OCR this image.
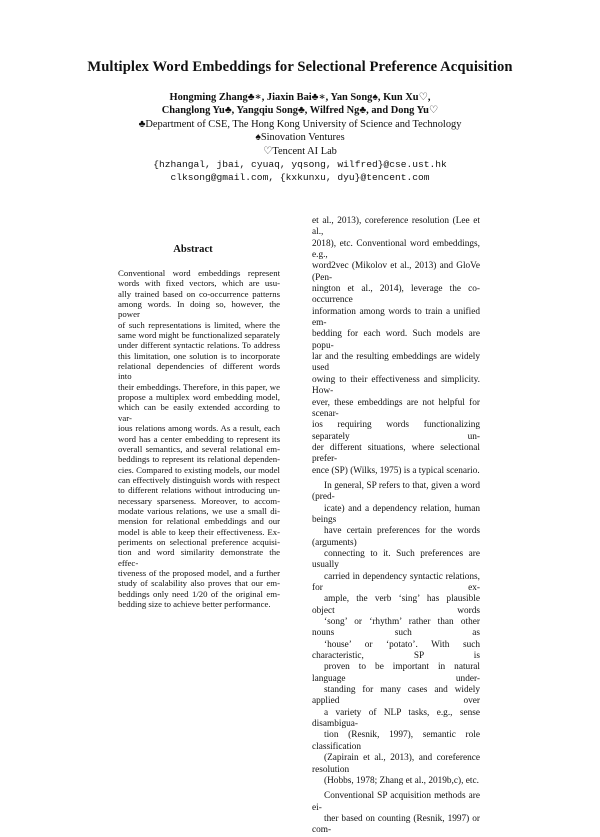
Multiplex Word Embeddings for Selectional Preference Acquisition
Hongming Zhang♣∗, Jiaxin Bai♣∗, Yan Song♠, Kun Xu♡,
Changlong Yu♣, Yangqiu Song♣, Wilfred Ng♣, and Dong Yu♡
♣Department of CSE, The Hong Kong University of Science and Technology
♠Sinovation Ventures
♡Tencent AI Lab
{hzhangal, jbai, cyuaq, yqsong, wilfred}@cse.ust.hk
clksong@gmail.com, {kxkunxu, dyu}@tencent.com
Abstract
Conventional word embeddings represent
words with fixed vectors, which are usu-
ally trained based on co-occurrence patterns
among words. In doing so, however, the power
of such representations is limited, where the
same word might be functionalized separately
under different syntactic relations. To address
this limitation, one solution is to incorporate
relational dependencies of different words into
their embeddings. Therefore, in this paper, we
propose a multiplex word embedding model,
which can be easily extended according to var-
ious relations among words. As a result, each
word has a center embedding to represent its
overall semantics, and several relational em-
beddings to represent its relational dependen-
cies. Compared to existing models, our model
can effectively distinguish words with respect
to different relations without introducing un-
necessary sparseness. Moreover, to accom-
modate various relations, we use a small di-
mension for relational embeddings and our
model is able to keep their effectiveness. Ex-
periments on selectional preference acquisi-
tion and word similarity demonstrate the effec-
tiveness of the proposed model, and a further
study of scalability also proves that our em-
beddings only need 1/20 of the original em-
bedding size to achieve better performance.
et al., 2013), coreference resolution (Lee et al.,
2018), etc. Conventional word embeddings, e.g.,
word2vec (Mikolov et al., 2013) and GloVe (Pen-
nington et al., 2014), leverage the co-occurrence
information among words to train a unified em-
bedding for each word. Such models are popu-
lar and the resulting embeddings are widely used
owing to their effectiveness and simplicity. How-
ever, these embeddings are not helpful for scenar-
ios requiring words functionalizing separately un-
der different situations, where selectional prefer-
ence (SP) (Wilks, 1975) is a typical scenario.
In general, SP refers to that, given a word (pred-
icate) and a dependency relation, human beings
have certain preferences for the words (arguments)
connecting to it. Such preferences are usually
carried in dependency syntactic relations, for ex-
ample, the verb ‘sing’ has plausible object words
‘song’ or ‘rhythm’ rather than other nouns such as
‘house’ or ‘potato’. With such characteristic, SP is
proven to be important in natural language under-
standing for many cases and widely applied over
a variety of NLP tasks, e.g., sense disambigua-
tion (Resnik, 1997), semantic role classification
(Zapirain et al., 2013), and coreference resolution
(Hobbs, 1978; Zhang et al., 2019b,c), etc.
Conventional SP acquisition methods are ei-
ther based on counting (Resnik, 1997) or com-
